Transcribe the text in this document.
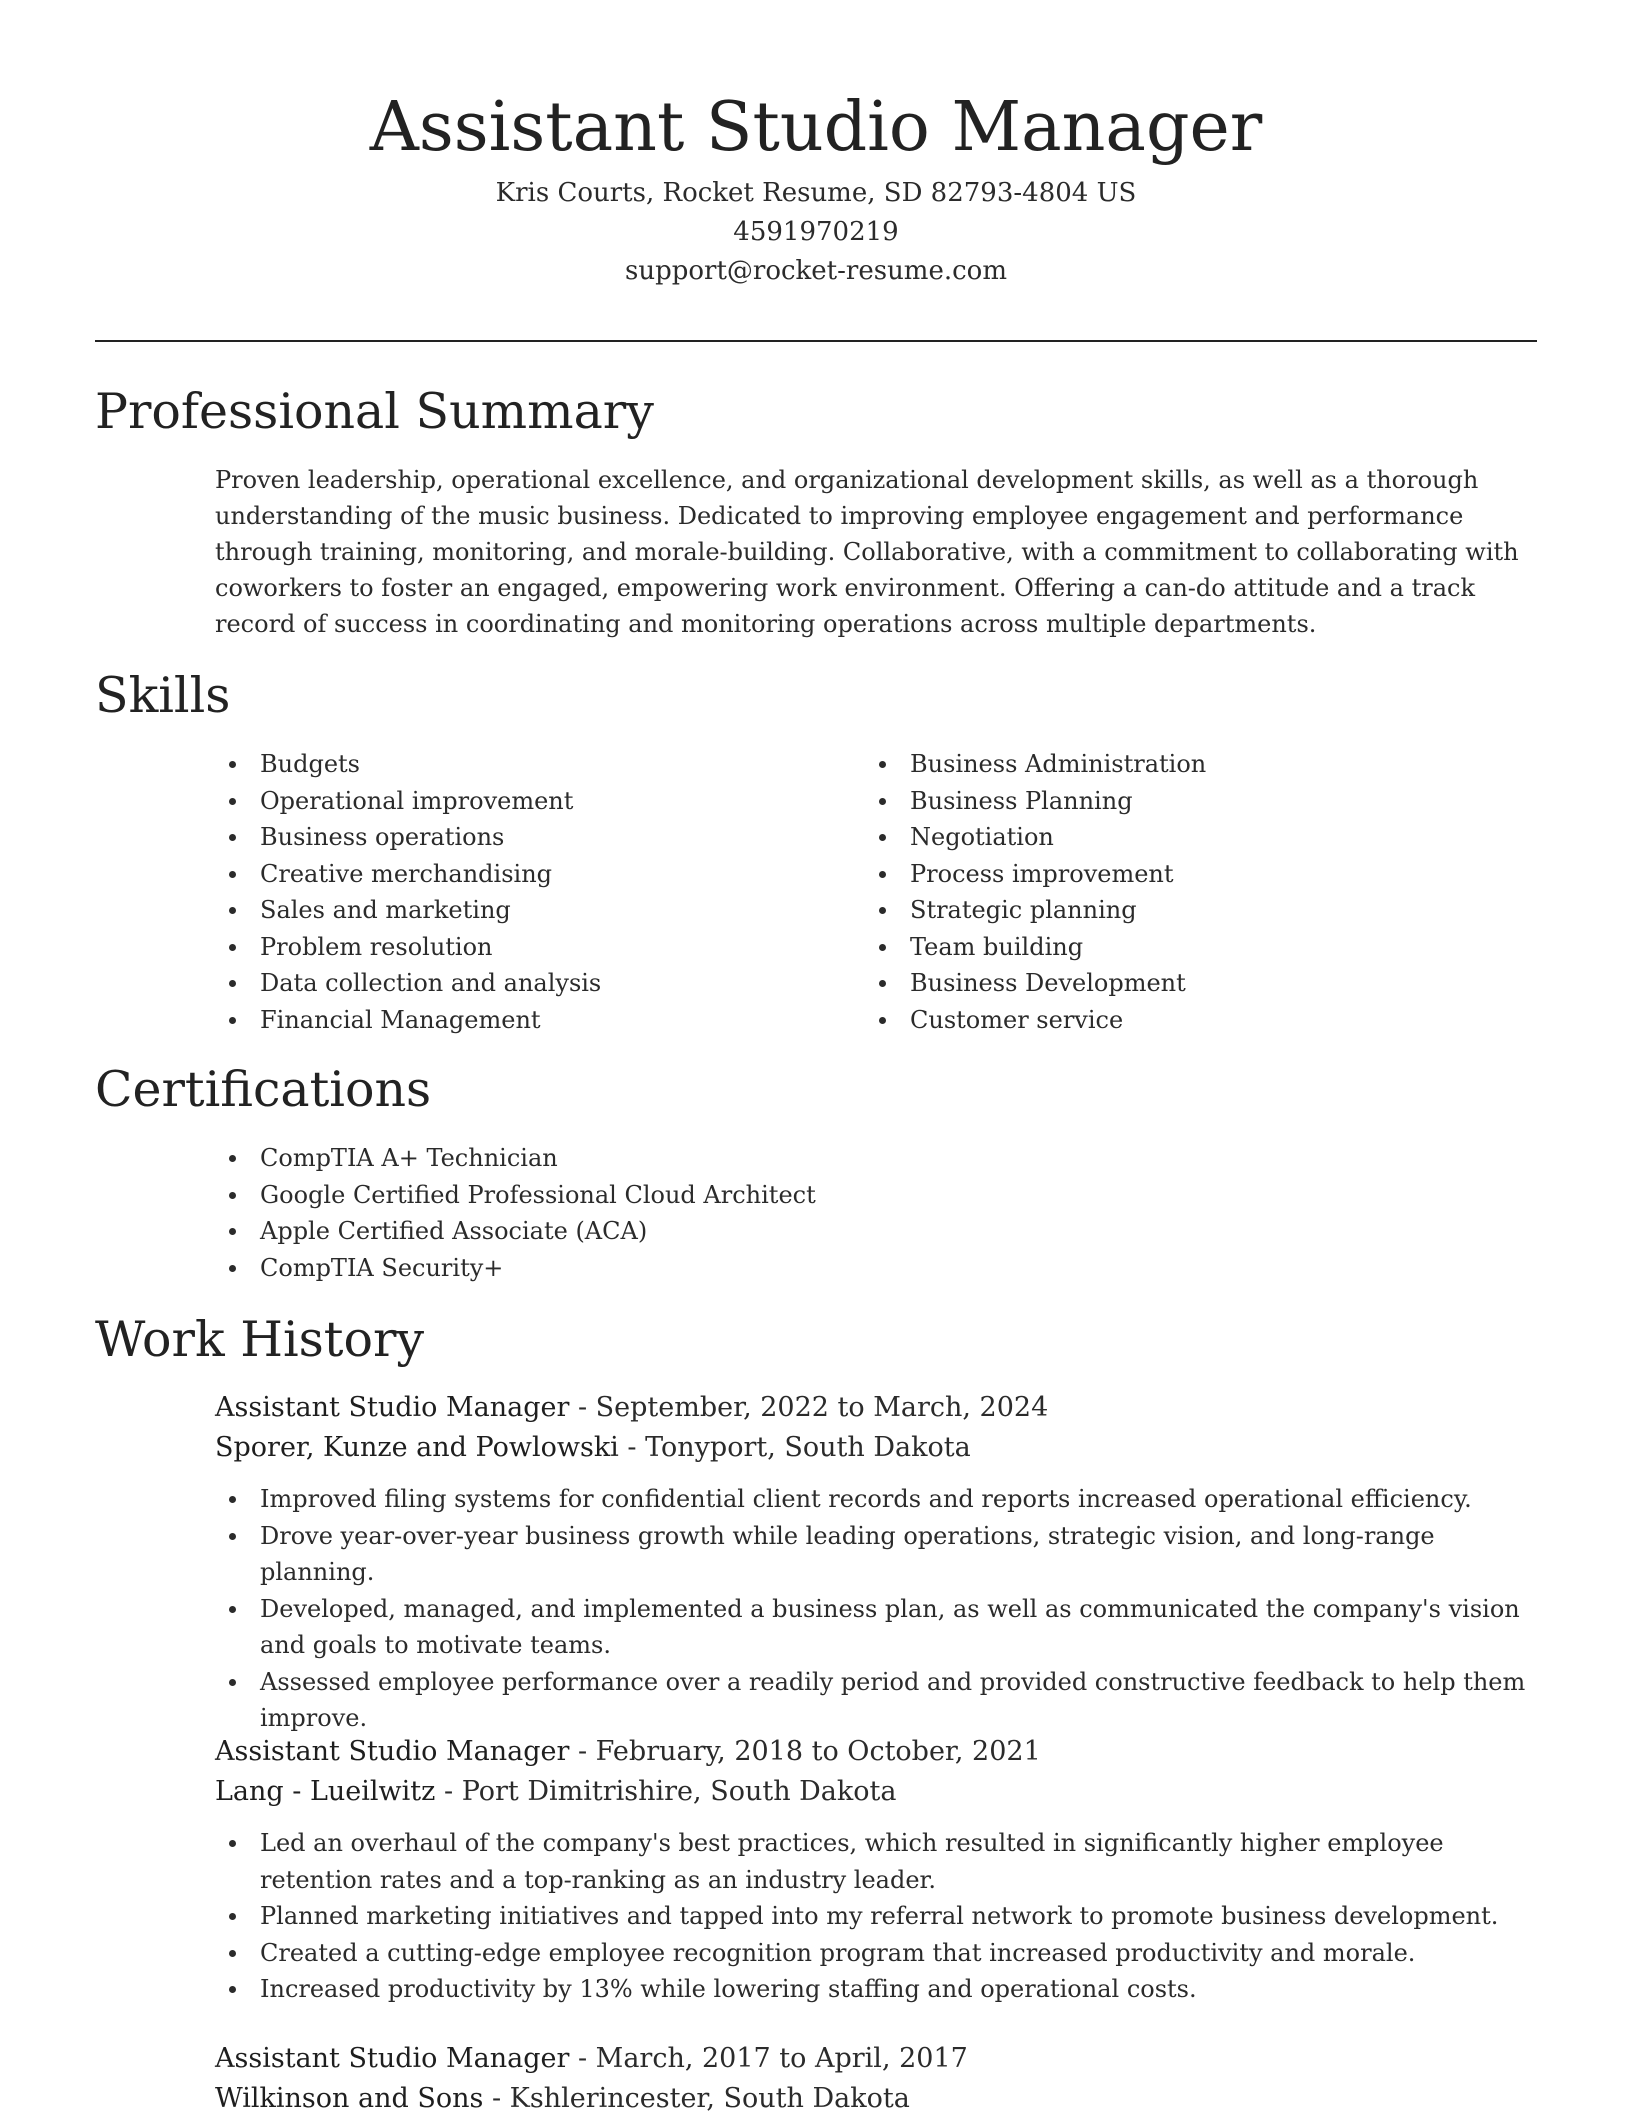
Assistant Studio Manager
Kris Courts, Rocket Resume, SD 82793-4804 US
4591970219
support@rocket-resume.com
Professional Summary

Proven leadership, operational excellence, and organizational development skills, as well as a thorough understanding of the music business. Dedicated to improving employee engagement and performance through training, monitoring, and morale-building. Collaborative, with a commitment to collaborating with coworkers to foster an engaged, empowering work environment. Offering a can-do attitude and a track record of success in coordinating and monitoring operations across multiple departments.

Skills
Budgets
Operational improvement
Business operations
Creative merchandising
Sales and marketing
Problem resolution
Data collection and analysis
Financial Management
Business Administration
Business Planning
Negotiation
Process improvement
Strategic planning
Team building
Business Development
Customer service
Certifications
CompTIA A+ Technician
Google Certified Professional Cloud Architect
Apple Certified Associate (ACA)
CompTIA Security+
Work History
Assistant Studio Manager - September, 2022 to March, 2024
Sporer, Kunze and Powlowski - Tonyport, South Dakota
Improved filing systems for confidential client records and reports increased operational efficiency.
Drove year-over-year business growth while leading operations, strategic vision, and long-range planning.
Developed, managed, and implemented a business plan, as well as communicated the company's vision and goals to motivate teams.
Assessed employee performance over a readily period and provided constructive feedback to help them improve.
Assistant Studio Manager - February, 2018 to October, 2021
Lang - Lueilwitz - Port Dimitrishire, South Dakota
Led an overhaul of the company's best practices, which resulted in significantly higher employee retention rates and a top-ranking as an industry leader.
Planned marketing initiatives and tapped into my referral network to promote business development.
Created a cutting-edge employee recognition program that increased productivity and morale.
Increased productivity by 13% while lowering staffing and operational costs.
Assistant Studio Manager - March, 2017 to April, 2017
Wilkinson and Sons - Kshlerincester, South Dakota
